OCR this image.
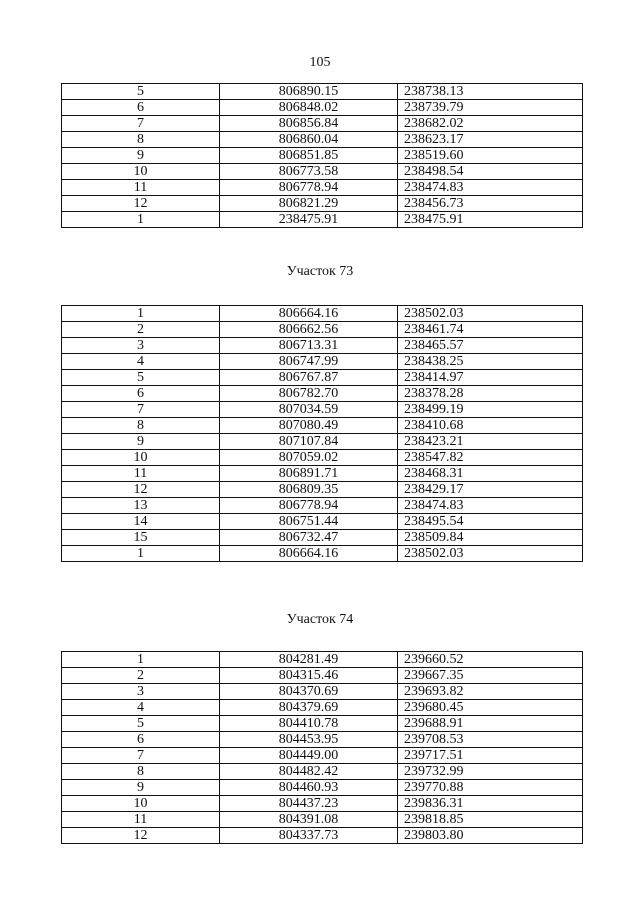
105
5	806890.15	238738.13
6	806848.02	238739.79
7	806856.84	238682.02
8	806860.04	238623.17
9	806851.85	238519.60
10	806773.58	238498.54
11	806778.94	238474.83
12	806821.29	238456.73
1	238475.91	238475.91
Участок 73
1	806664.16	238502.03
2	806662.56	238461.74
3	806713.31	238465.57
4	806747.99	238438.25
5	806767.87	238414.97
6	806782.70	238378.28
7	807034.59	238499.19
8	807080.49	238410.68
9	807107.84	238423.21
10	807059.02	238547.82
11	806891.71	238468.31
12	806809.35	238429.17
13	806778.94	238474.83
14	806751.44	238495.54
15	806732.47	238509.84
1	806664.16	238502.03
Участок 74
1	804281.49	239660.52
2	804315.46	239667.35
3	804370.69	239693.82
4	804379.69	239680.45
5	804410.78	239688.91
6	804453.95	239708.53
7	804449.00	239717.51
8	804482.42	239732.99
9	804460.93	239770.88
10	804437.23	239836.31
11	804391.08	239818.85
12	804337.73	239803.80
